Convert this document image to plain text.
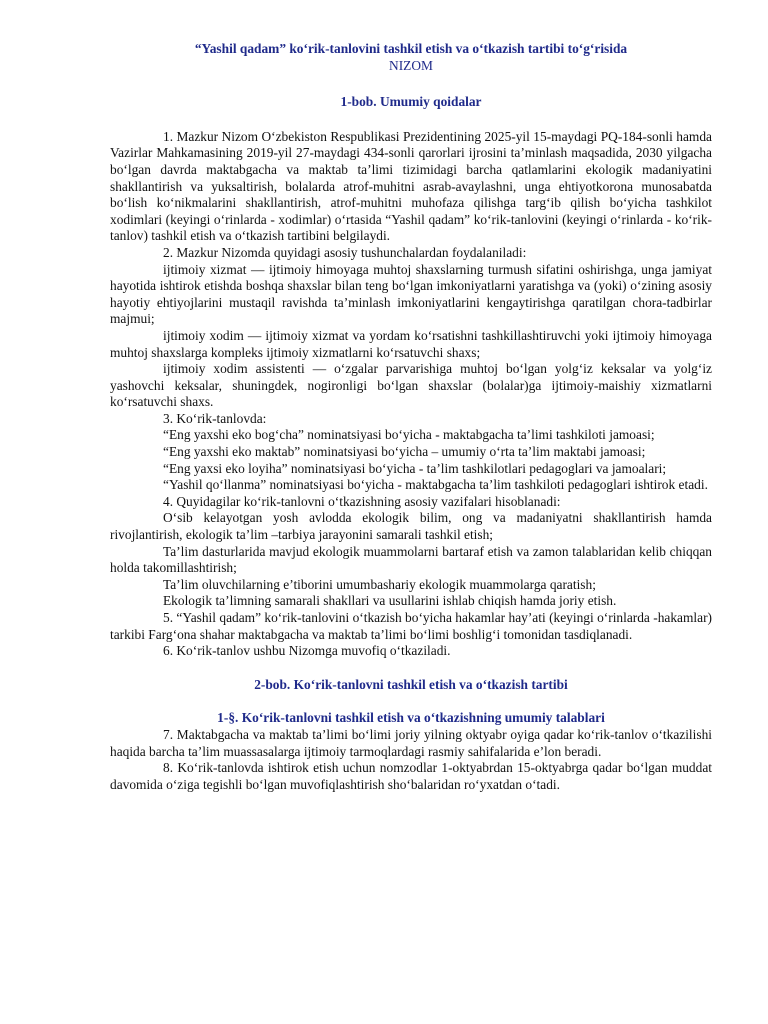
“Yashil qadam” ko‘rik-tanlovini tashkil etish va o‘tkazish tartibi to‘g‘risida
NIZOM
1-bob. Umumiy qoidalar

1. Mazkur Nizom O‘zbekiston Respublikasi Prezidentining 2025-yil 15-maydagi PQ-184-sonli hamda Vazirlar Mahkamasining 2019-yil 27-maydagi 434-sonli qarorlari ijrosini ta’minlash maqsadida, 2030 yilgacha bo‘lgan davrda maktabgacha va maktab ta’limi tizimidagi barcha qatlamlarini ekologik madaniyatini shakllantirish va yuksaltirish, bolalarda atrof-muhitni asrab-avaylashni, unga ehtiyotkorona munosabatda bo‘lish ko‘nikmalarini shakllantirish, atrof-muhitni muhofaza qilishga targ‘ib qilish bo‘yicha tashkilot xodimlari (keyingi o‘rinlarda - xodimlar) o‘rtasida “Yashil qadam” ko‘rik-tanlovini (keyingi o‘rinlarda - ko‘rik-tanlov) tashkil etish va o‘tkazish tartibini belgilaydi.

2. Mazkur Nizomda quyidagi asosiy tushunchalardan foydalaniladi:

ijtimoiy xizmat — ijtimoiy himoyaga muhtoj shaxslarning turmush sifatini oshirishga, unga jamiyat hayotida ishtirok etishda boshqa shaxslar bilan teng bo‘lgan imkoniyatlarni yaratishga va (yoki) o‘zining asosiy hayotiy ehtiyojlarini mustaqil ravishda ta’minlash imkoniyatlarini kengaytirishga qaratilgan chora-tadbirlar majmui;

ijtimoiy xodim — ijtimoiy xizmat va yordam ko‘rsatishni tashkillashtiruvchi yoki ijtimoiy himoyaga muhtoj shaxslarga kompleks ijtimoiy xizmatlarni ko‘rsatuvchi shaxs;

ijtimoiy xodim assistenti — o‘zgalar parvarishiga muhtoj bo‘lgan yolg‘iz keksalar va yolg‘iz yashovchi keksalar, shuningdek, nogironligi bo‘lgan shaxslar (bolalar)ga ijtimoiy-maishiy xizmatlarni ko‘rsatuvchi shaxs.

3. Ko‘rik-tanlovda:

“Eng yaxshi eko bog‘cha” nominatsiyasi bo‘yicha - maktabgacha ta’limi tashkiloti jamoasi;

“Eng yaxshi eko maktab” nominatsiyasi bo‘yicha – umumiy o‘rta ta’lim maktabi jamoasi;

“Eng yaxsi eko loyiha” nominatsiyasi bo‘yicha - ta’lim tashkilotlari pedagoglari va jamoalari;

“Yashil qo‘llanma” nominatsiyasi bo‘yicha - maktabgacha ta’lim tashkiloti pedagoglari ishtirok etadi.

4. Quyidagilar ko‘rik-tanlovni o‘tkazishning asosiy vazifalari hisoblanadi:

O‘sib kelayotgan yosh avlodda ekologik bilim, ong va madaniyatni shakllantirish hamda rivojlantirish, ekologik ta’lim –tarbiya jarayonini samarali tashkil etish;

Ta’lim dasturlarida mavjud ekologik muammolarni bartaraf etish va zamon talablaridan kelib chiqqan holda takomillashtirish;

Ta’lim oluvchilarning e’tiborini umumbashariy ekologik muammolarga qaratish;

Ekologik ta’limning samarali shakllari va usullarini ishlab chiqish hamda joriy etish.

5. “Yashil qadam” ko‘rik-tanlovini o‘tkazish bo‘yicha hakamlar hay’ati (keyingi o‘rinlarda -hakamlar) tarkibi Farg‘ona shahar maktabgacha va maktab ta’limi bo‘limi boshlig‘i tomonidan tasdiqlanadi.

6. Ko‘rik-tanlov ushbu Nizomga muvofiq o‘tkaziladi.

2-bob. Ko‘rik-tanlovni tashkil etish va o‘tkazish tartibi
1-§. Ko‘rik-tanlovni tashkil etish va o‘tkazishning umumiy talablari

7. Maktabgacha va maktab ta’limi bo‘limi joriy yilning oktyabr oyiga qadar ko‘rik-tanlov o‘tkazilishi haqida barcha ta’lim muassasalarga ijtimoiy tarmoqlardagi rasmiy sahifalarida e’lon beradi.

8. Ko‘rik-tanlovda ishtirok etish uchun nomzodlar 1-oktyabrdan 15-oktyabrga qadar bo‘lgan muddat davomida o‘ziga tegishli bo‘lgan muvofiqlashtirish sho‘balaridan ro‘yxatdan o‘tadi.
